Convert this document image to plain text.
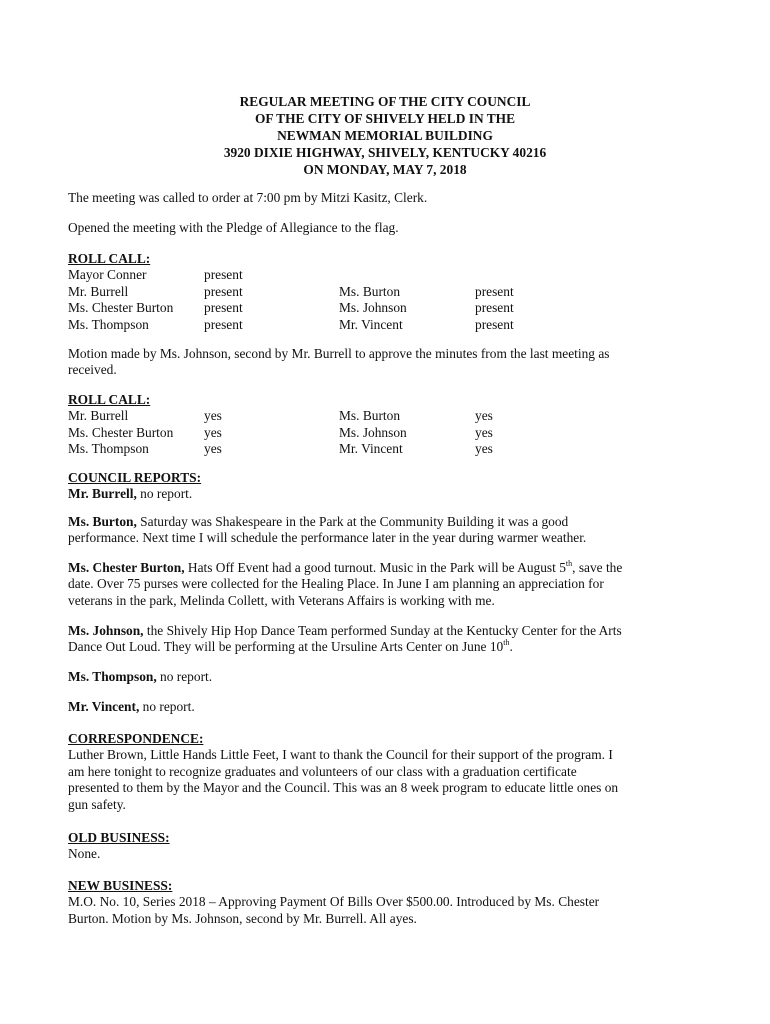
REGULAR MEETING OF THE CITY COUNCIL
OF THE CITY OF SHIVELY HELD IN THE
NEWMAN MEMORIAL BUILDING
3920 DIXIE HIGHWAY, SHIVELY, KENTUCKY 40216
ON MONDAY, MAY 7, 2018

The meeting was called to order at 7:00 pm by Mitzi Kasitz, Clerk.

Opened the meeting with the Pledge of Allegiance to the flag.

ROLL CALL:
Mayor Conner	present
Mr. Burrell	present	Ms. Burton	present
Ms. Chester Burton present	Ms. Johnson	present
Ms. Thompson	present	Mr. Vincent	present
Motion made by Ms. Johnson, second by Mr. Burrell to approve the minutes from the last meeting as
received.
ROLL CALL:
Mr. Burrell	yes	Ms. Burton	yes
Ms. Chester Burton yes	Ms. Johnson	yes
Ms. Thompson	yes	Mr. Vincent	yes
COUNCIL REPORTS:
Mr. Burrell, no report.
Ms. Burton, Saturday was Shakespeare in the Park at the Community Building it was a good
performance. Next time I will schedule the performance later in the year during warmer weather.
Ms. Chester Burton, Hats Off Event had a good turnout. Music in the Park will be August 5th, save the
date. Over 75 purses were collected for the Healing Place. In June I am planning an appreciation for
veterans in the park, Melinda Collett, with Veterans Affairs is working with me.
Ms. Johnson, the Shively Hip Hop Dance Team performed Sunday at the Kentucky Center for the Arts
Dance Out Loud. They will be performing at the Ursuline Arts Center on June 10th.
Ms. Thompson, no report.
Mr. Vincent, no report.
CORRESPONDENCE:
Luther Brown, Little Hands Little Feet, I want to thank the Council for their support of the program. I
am here tonight to recognize graduates and volunteers of our class with a graduation certificate
presented to them by the Mayor and the Council. This was an 8 week program to educate little ones on
gun safety.
OLD BUSINESS:
None.
NEW BUSINESS:
M.O. No. 10, Series 2018 – Approving Payment Of Bills Over $500.00. Introduced by Ms. Chester
Burton. Motion by Ms. Johnson, second by Mr. Burrell. All ayes.
